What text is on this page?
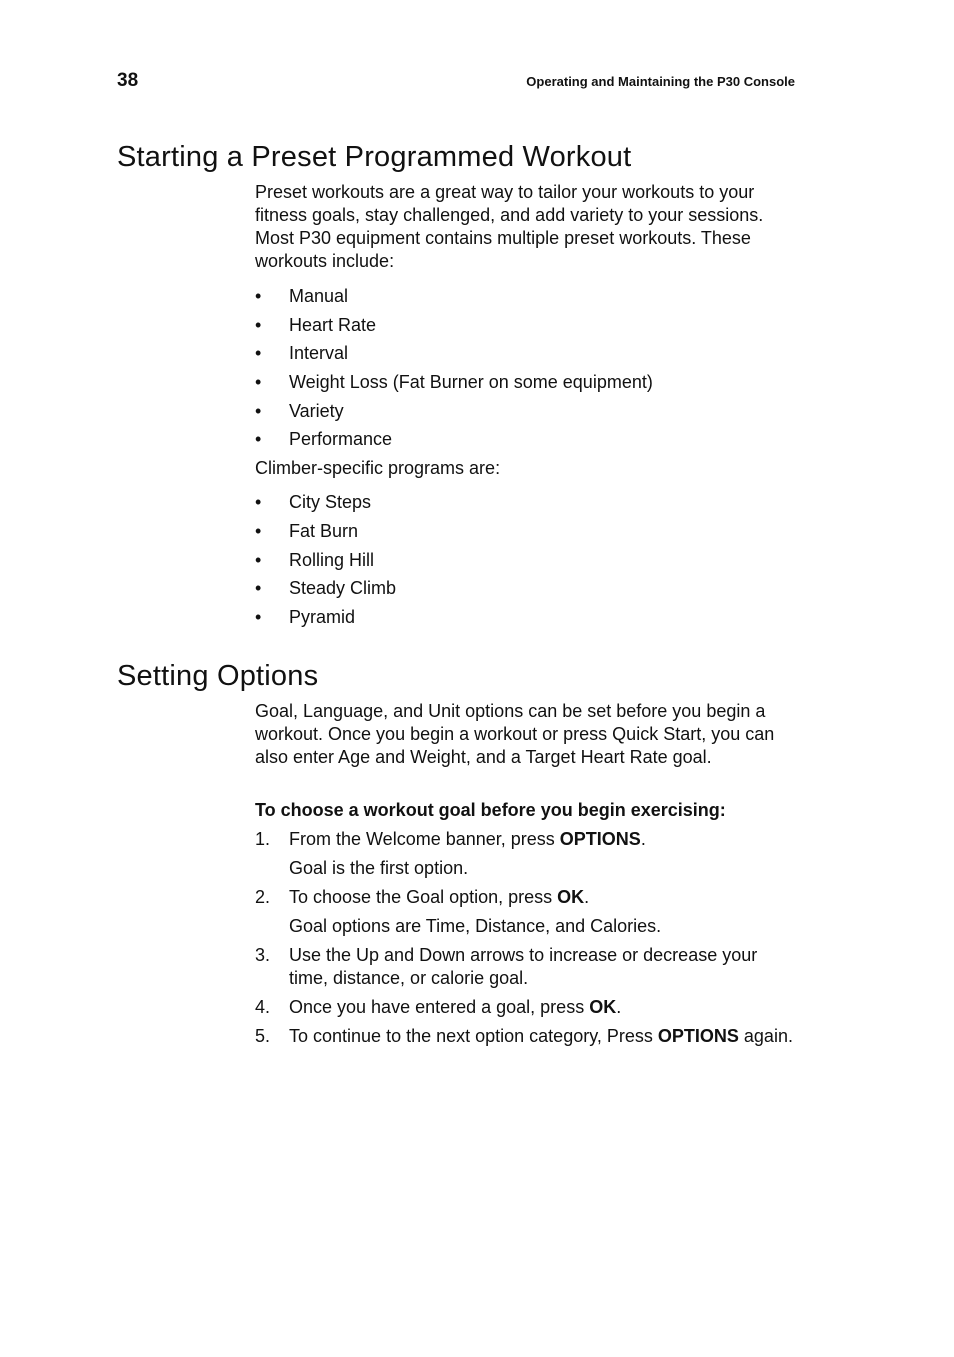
38	Operating and Maintaining the P30 Console
Starting a Preset Programmed Workout

Preset workouts are a great way to tailor your workouts to your fitness goals, stay challenged, and add variety to your sessions. Most P30 equipment contains multiple preset workouts. These workouts include:

• Manual
• Heart Rate
• Interval
• Weight Loss (Fat Burner on some equipment)
• Variety
• Performance

Climber-specific programs are:

• City Steps
• Fat Burn
• Rolling Hill
• Steady Climb
• Pyramid
Setting Options

Goal, Language, and Unit options can be set before you begin a workout. Once you begin a workout or press Quick Start, you can also enter Age and Weight, and a Target Heart Rate goal.

To choose a workout goal before you begin exercising:

1. From the Welcome banner, press OPTIONS.

Goal is the first option.

2. To choose the Goal option, press OK.

Goal options are Time, Distance, and Calories.

3. Use the Up and Down arrows to increase or decrease your time, distance, or calorie goal.
4. Once you have entered a goal, press OK.
5. To continue to the next option category, Press OPTIONS again.
